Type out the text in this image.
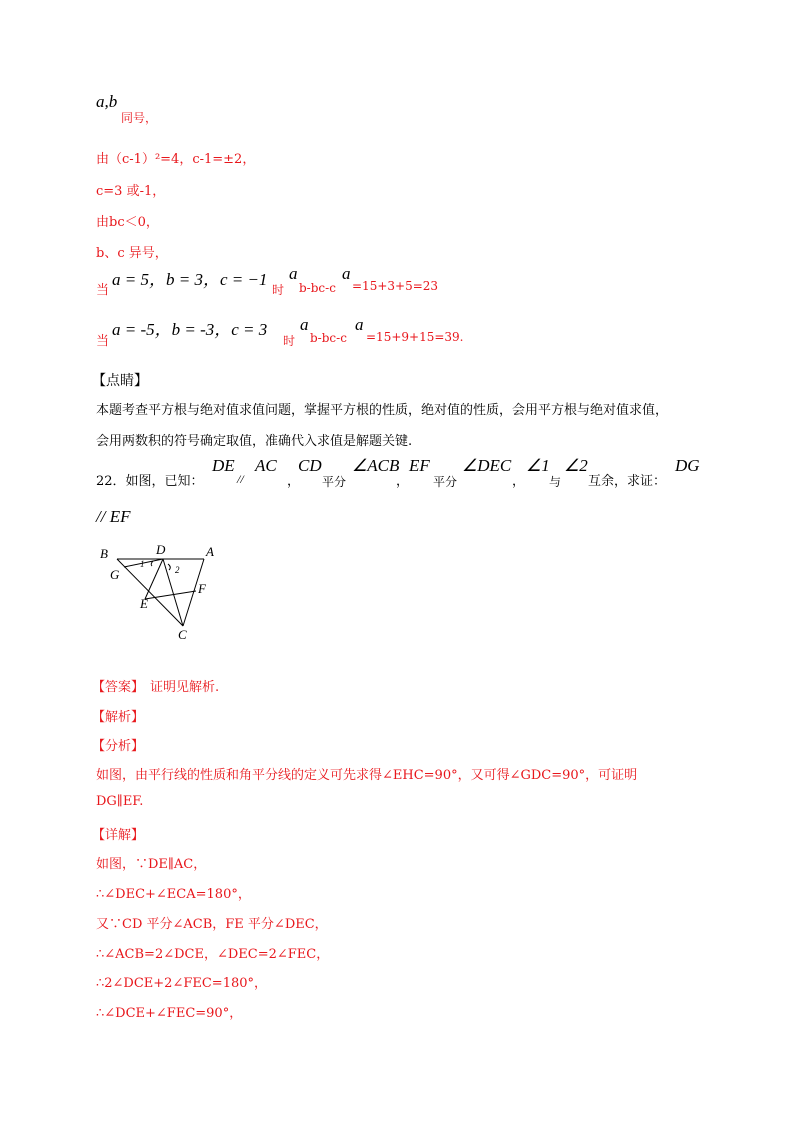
a,b
同号，
由（c-1）²=4，c-1=±2，
c=3 或-1，
由bc＜0，
b、c 异号，
当
a = 5，b = 3，c = −1
时
a
b-bc-c
a
=15+3+5=23
当
a = -5，b = -3，c = 3
时
a
b-bc-c
a
=15+9+15=39.
【点睛】
本题考查平方根与绝对值求值问题，掌握平方根的性质，绝对值的性质，会用平方根与绝对值求值，
会用两数积的符号确定取值，准确代入求值是解题关键.
22．如图，已知：
DE
//
AC
，
CD
平分
∠ACB
，
EF
平分
∠DEC
，
∠1
与
∠2
互余，求证：
DG
// EF
B	D	A
G
1
2
F
E
C
【答案】 证明见解析.
【解析】
【分析】
如图，由平行线的性质和角平分线的定义可先求得∠EHC=90°，又可得∠GDC=90°，可证明
DG∥EF.
【详解】
如图，∵DE∥AC，
∴∠DEC+∠ECA=180°，
又∵CD 平分∠ACB，FE 平分∠DEC，
∴∠ACB=2∠DCE，∠DEC=2∠FEC，
∴2∠DCE+2∠FEC=180°，
∴∠DCE+∠FEC=90°，
